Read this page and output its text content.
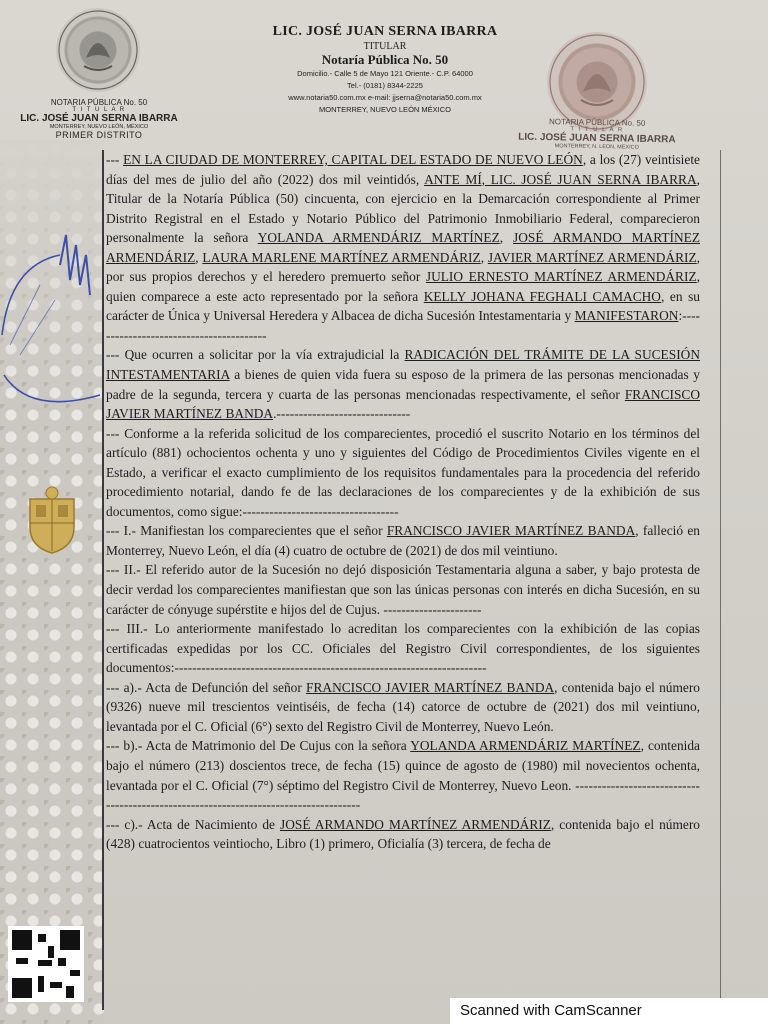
NOTARIA PÚBLICA No. 50
T I T U L A R
LIC. JOSÉ JUAN SERNA IBARRA
MONTERREY, NUEVO LEÓN, MÉXICO
PRIMER DISTRITO
LIC. JOSÉ JUAN SERNA IBARRA
TITULAR
Notaría Pública No. 50
Domicilio.- Calle 5 de Mayo 121 Oriente.- C.P. 64000
Tel.- (0181) 8344-2225
www.notaria50.com.mx e-mail: jjserna@notaria50.com.mx
MONTERREY, NUEVO LEÓN MÉXICO
NOTARIA PÚBLICA No. 50
T I T U L A R
LIC. JOSÉ JUAN SERNA IBARRA
MONTERREY, N. LEON, MEXICO

--- EN LA CIUDAD DE MONTERREY, CAPITAL DEL ESTADO DE NUEVO LEÓN, a los (27) veintisiete días del mes de julio del año (2022) dos mil veintidós, ANTE MÍ, LIC. JOSÉ JUAN SERNA IBARRA, Titular de la Notaría Pública (50) cincuenta, con ejercicio en la Demarcación correspondiente al Primer Distrito Registral en el Estado y Notario Público del Patrimonio Inmobiliario Federal, comparecieron personalmente la señora YOLANDA ARMENDÁRIZ MARTÍNEZ, JOSÉ ARMANDO MARTÍNEZ ARMENDÁRIZ, LAURA MARLENE MARTÍNEZ ARMENDÁRIZ, JAVIER MARTÍNEZ ARMENDÁRIZ, por sus propios derechos y el heredero premuerto señor JULIO ERNESTO MARTÍNEZ ARMENDÁRIZ, quien comparece a este acto representado por la señora KELLY JOHANA FEGHALI CAMACHO, en su carácter de Única y Universal Heredera y Albacea de dicha Sucesión Intestamentaria y MANIFESTARON:----------------------------------------

--- Que ocurren a solicitar por la vía extrajudicial la RADICACIÓN DEL TRÁMITE DE LA SUCESIÓN INTESTAMENTARIA a bienes de quien vida fuera su esposo de la primera de las personas mencionadas y padre de la segunda, tercera y cuarta de las personas mencionadas respectivamente, el señor FRANCISCO JAVIER MARTÍNEZ BANDA.------------------------------

--- Conforme a la referida solicitud de los comparecientes, procedió el suscrito Notario en los términos del artículo (881) ochocientos ochenta y uno y siguientes del Código de Procedimientos Civiles vigente en el Estado, a verificar el exacto cumplimiento de los requisitos fundamentales para la procedencia del referido procedimiento notarial, dando fe de las declaraciones de los comparecientes y de la exhibición de sus documentos, como sigue:-----------------------------------

--- I.- Manifiestan los comparecientes que el señor FRANCISCO JAVIER MARTÍNEZ BANDA, falleció en Monterrey, Nuevo León, el día (4) cuatro de octubre de (2021) de dos mil veintiuno.

--- II.- El referido autor de la Sucesión no dejó disposición Testamentaria alguna a saber, y bajo protesta de decir verdad los comparecientes manifiestan que son las únicas personas con interés en dicha Sucesión, en su carácter de cónyuge supérstite e hijos del de Cujus. ----------------------

--- III.- Lo anteriormente manifestado lo acreditan los comparecientes con la exhibición de las copias certificadas expedidas por los CC. Oficiales del Registro Civil correspondientes, de los siguientes documentos:----------------------------------------------------------------------

--- a).- Acta de Defunción del señor FRANCISCO JAVIER MARTÍNEZ BANDA, contenida bajo el número (9326) nueve mil trescientos veintiséis, de fecha (14) catorce de octubre de (2021) dos mil veintiuno, levantada por el C. Oficial (6°) sexto del Registro Civil de Monterrey, Nuevo León.

--- b).- Acta de Matrimonio del De Cujus con la señora YOLANDA ARMENDÁRIZ MARTÍNEZ, contenida bajo el número (213) doscientos trece, de fecha (15) quince de agosto de (1980) mil novecientos ochenta, levantada por el C. Oficial (7°) séptimo del Registro Civil de Monterrey, Nuevo Leon. -------------------------------------------------------------------------------------

--- c).- Acta de Nacimiento de JOSÉ ARMANDO MARTÍNEZ ARMENDÁRIZ, contenida bajo el número (428) cuatrocientos veintiocho, Libro (1) primero, Oficialía (3) tercera, de fecha de

Scanned with CamScanner
